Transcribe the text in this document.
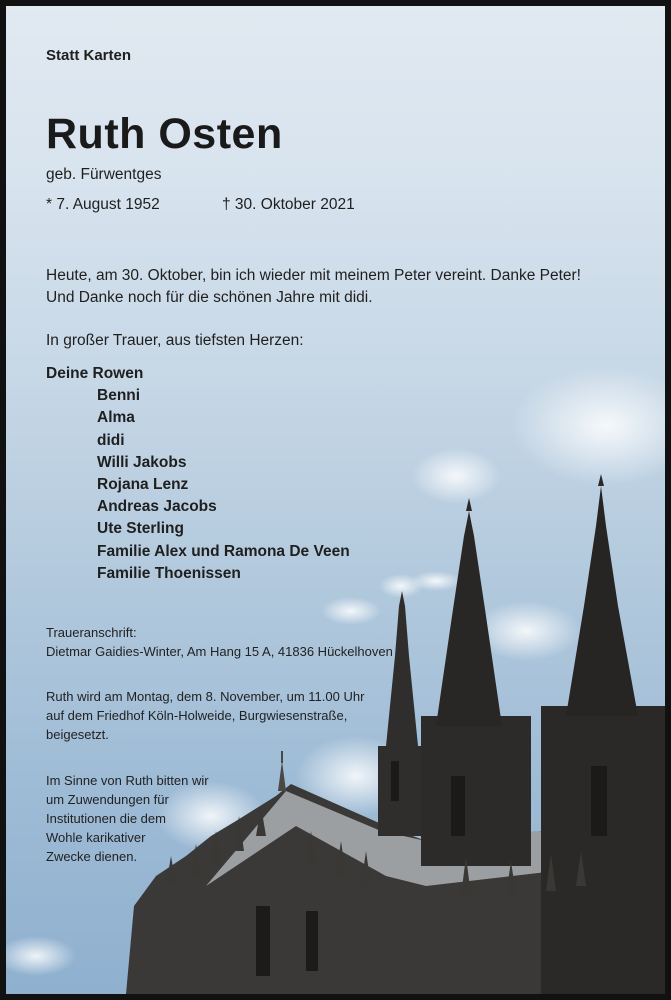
Statt Karten
Ruth Osten
geb. Fürwentges
* 7. August 1952	† 30. Oktober 2021
Heute, am 30. Oktober, bin ich wieder mit meinem Peter vereint. Danke Peter!
Und Danke noch für die schönen Jahre mit didi.
In großer Trauer, aus tiefsten Herzen:
Deine Rowen
Benni
Alma
didi
Willi Jakobs
Rojana Lenz
Andreas Jacobs
Ute Sterling
Familie Alex und Ramona De Veen
Familie Thoenissen
Traueranschrift:
Dietmar Gaidies-Winter, Am Hang 15 A, 41836 Hückelhoven
Ruth wird am Montag, dem 8. November, um 11.00 Uhr
auf dem Friedhof Köln-Holweide, Burgwiesenstraße,
beigesetzt.
Im Sinne von Ruth bitten wir
um Zuwendungen für
Institutionen die dem
Wohle karikativer
Zwecke dienen.
